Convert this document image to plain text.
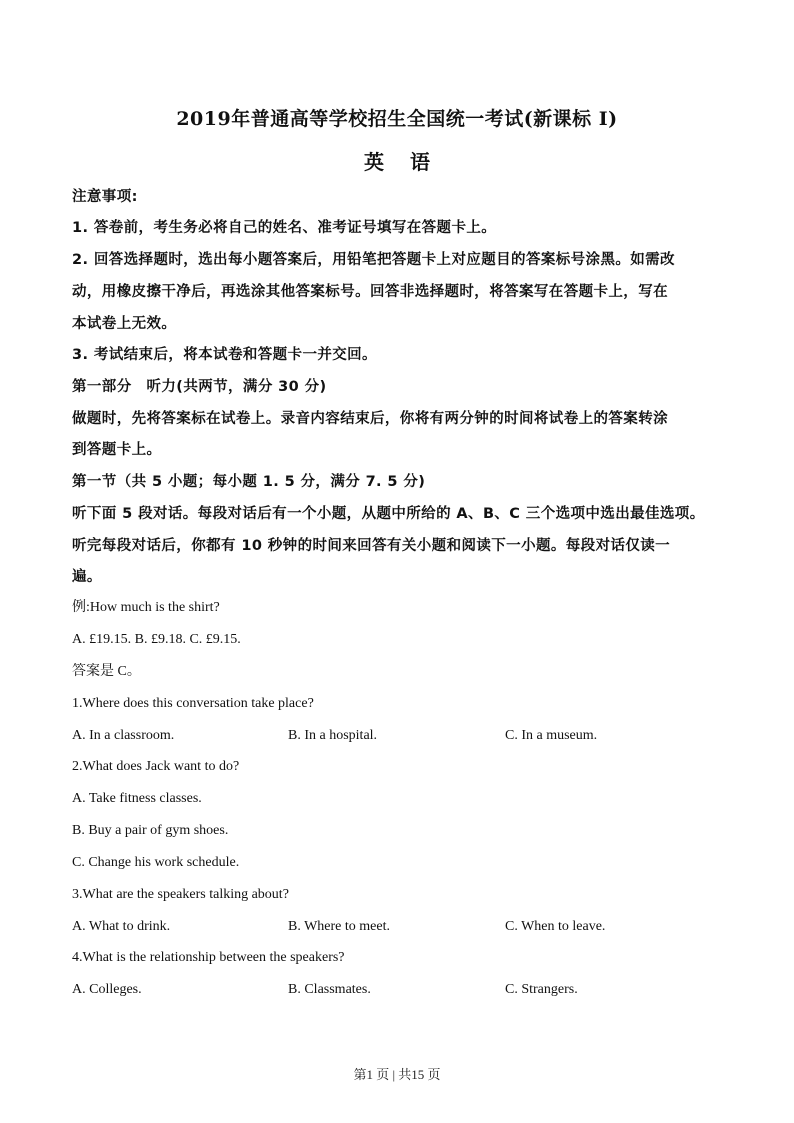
2019年普通高等学校招生全国统一考试(新课标 I)
英语
注意事项:
1. 答卷前，考生务必将自己的姓名、准考证号填写在答题卡上。
2. 回答选择题时，选出每小题答案后，用铅笔把答题卡上对应题目的答案标号涂黑。如需改
动，用橡皮擦干净后，再选涂其他答案标号。回答非选择题时，将答案写在答题卡上，写在
本试卷上无效。
3. 考试结束后，将本试卷和答题卡一并交回。
第一部分　听力(共两节，满分 30 分)
做题时，先将答案标在试卷上。录音内容结束后，你将有两分钟的时间将试卷上的答案转涂
到答题卡上。
第一节（共 5 小题；每小题 1. 5 分，满分 7. 5 分)
听下面 5 段对话。每段对话后有一个小题，从题中所给的 A、B、C 三个选项中选出最佳选项。
听完每段对话后，你都有 10 秒钟的时间来回答有关小题和阅读下一小题。每段对话仅读一
遍。
例:How much is the shirt?
A. £19.15. B. £9.18. C. £9.15.
答案是 C。
1.Where does this conversation take place?
A. In a classroom.	B. In a hospital.	C. In a museum.
2.What does Jack want to do?
A. Take fitness classes.
B. Buy a pair of gym shoes.
C. Change his work schedule.
3.What are the speakers talking about?
A. What to drink.	B. Where to meet.	C. When to leave.
4.What is the relationship between the speakers?
A. Colleges.	B. Classmates.	C. Strangers.
第1 页 | 共15 页
